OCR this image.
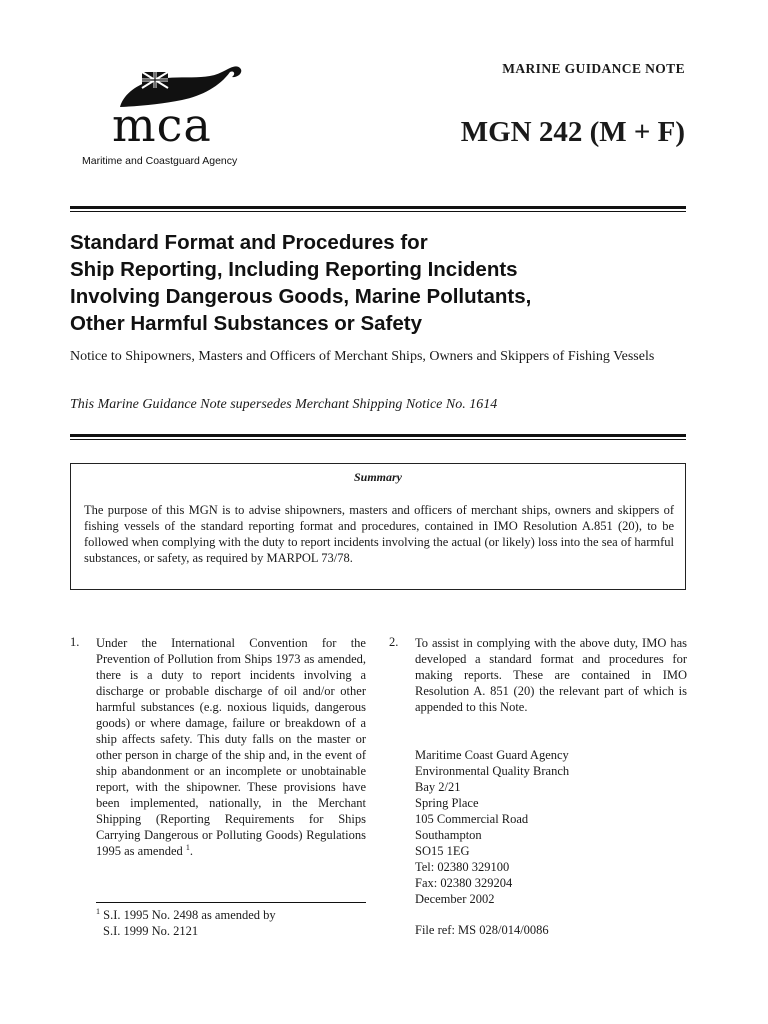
mca
Maritime and Coastguard Agency
MARINE GUIDANCE NOTE
MGN 242 (M + F)
Standard Format and Procedures for
Ship Reporting, Including Reporting Incidents
Involving Dangerous Goods, Marine Pollutants,
Other Harmful Substances or Safety
Notice to Shipowners, Masters and Officers of Merchant Ships, Owners and Skippers of Fishing Vessels
This Marine Guidance Note supersedes Merchant Shipping Notice No. 1614
Summary
The purpose of this MGN is to advise shipowners, masters and officers of merchant ships, owners and skippers of fishing vessels of the standard reporting format and procedures, contained in IMO Resolution A.851 (20), to be followed when complying with the duty to report incidents involving the actual (or likely) loss into the sea of harmful substances, or safety, as required by MARPOL 73/78.
1. Under the International Convention for the Prevention of Pollution from Ships 1973 as amended, there is a duty to report incidents involving a discharge or probable discharge of oil and/or other harmful substances (e.g. noxious liquids, dangerous goods) or where damage, failure or breakdown of a ship affects safety. This duty falls on the master or other person in charge of the ship and, in the event of ship abandonment or an incomplete or unobtainable report, with the shipowner. These provisions have been implemented, nationally, in the Merchant Shipping (Reporting Requirements for Ships Carrying Dangerous or Polluting Goods) Regulations 1995 as amended $^1$.
$^1$ S.I. 1995 No. 2498 as amended by
S.I. 1999 No. 2121
2. To assist in complying with the above duty, IMO has developed a standard format and procedures for making reports. These are contained in IMO Resolution A. 851 (20) the relevant part of which is appended to this Note.
Maritime Coast Guard Agency
Environmental Quality Branch
Bay 2/21
Spring Place
105 Commercial Road
Southampton
SO15 1EG
Tel: 02380 329100
Fax: 02380 329204
December 2002
File ref: MS 028/014/0086
